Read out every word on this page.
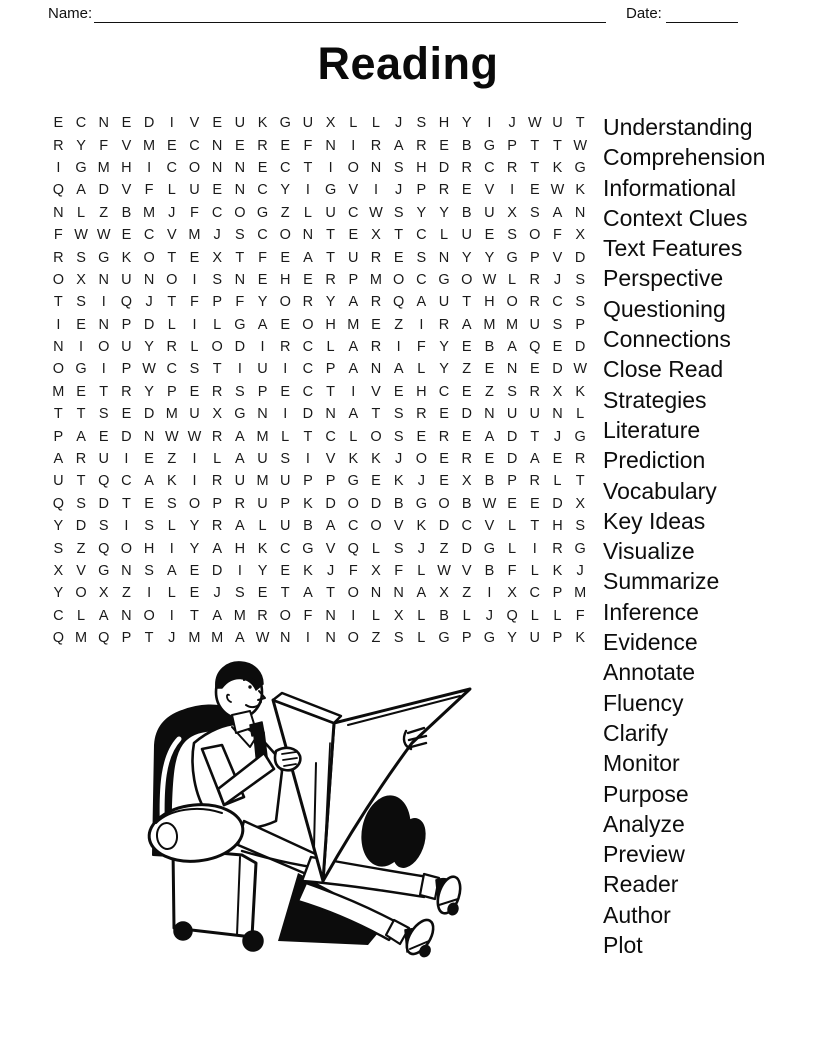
Name:	Date:
Reading
E C N E D	I	V E U K G U X L	L	J S H Y	I	J W U T
R Y F V M E C N E R E F N	I	R A R E B G P T T W
I	G M H	I	C O N N E C T	I	O N S H D R C R T K G
Q A D V F L U E N C Y	I	G V	I	J P R E V	I	E W K
N L Z B M J	F C O G Z L U C W S Y Y B U X S A N
F W W E C V M J S C O N T E X T C L U E S O F X
R S G K O T E X T F E A T U R E S N Y Y G P V D
O X N U N O	I	S N E H E R P M O C G O W L R J S
T S	I	Q J	T F P F Y O R Y A R Q A U T H O R C S
I	E N P D L	I	L G A E O H M E Z	I	R A M M U S P
N	I	O U Y R L O D	I	R C L A R	I	F Y E B A Q E D
O G	I	P W C S T	I	U	I	C P A N A L Y Z E N E D W
M E T R Y P E R S P E C T	I	V E H C E Z S R X K
T T S E D M U X G N	I	D N A T S R E D N U U N L
P A E D N W W R A M L T C L O S E R E A D T	J G
A R U	I	E Z	I	L A U S	I	V K K J O E R E D A E R
U T Q C A K	I	R U M U P P G E K J E X B P R L T
Q S D T E S O P R U P K D O D B G O B W E E D X
Y D S	I	S L Y R A L U B A C O V K D C V L T H S
S Z Q O H	I	Y A H K C G V Q L S J	Z D G L	I	R G
X V G N S A E D	I	Y E K J	F X F L W V B F L K J
Y O X Z	I	L E J S E T A T O N N A X Z	I	X C P M
C L A N O	I	T A M R O F N	I	L X L B L	J Q L	L F
Q M Q P T	J M M A W N	I	N O Z S L G P G Y U P K
Understanding
Comprehension
Informational
Context Clues
Text Features
Perspective
Questioning
Connections
Close Read
Strategies
Literature
Prediction
Vocabulary
Key Ideas
Visualize
Summarize
Inference
Evidence
Annotate
Fluency
Clarify
Monitor
Purpose
Analyze
Preview
Reader
Author
Plot
